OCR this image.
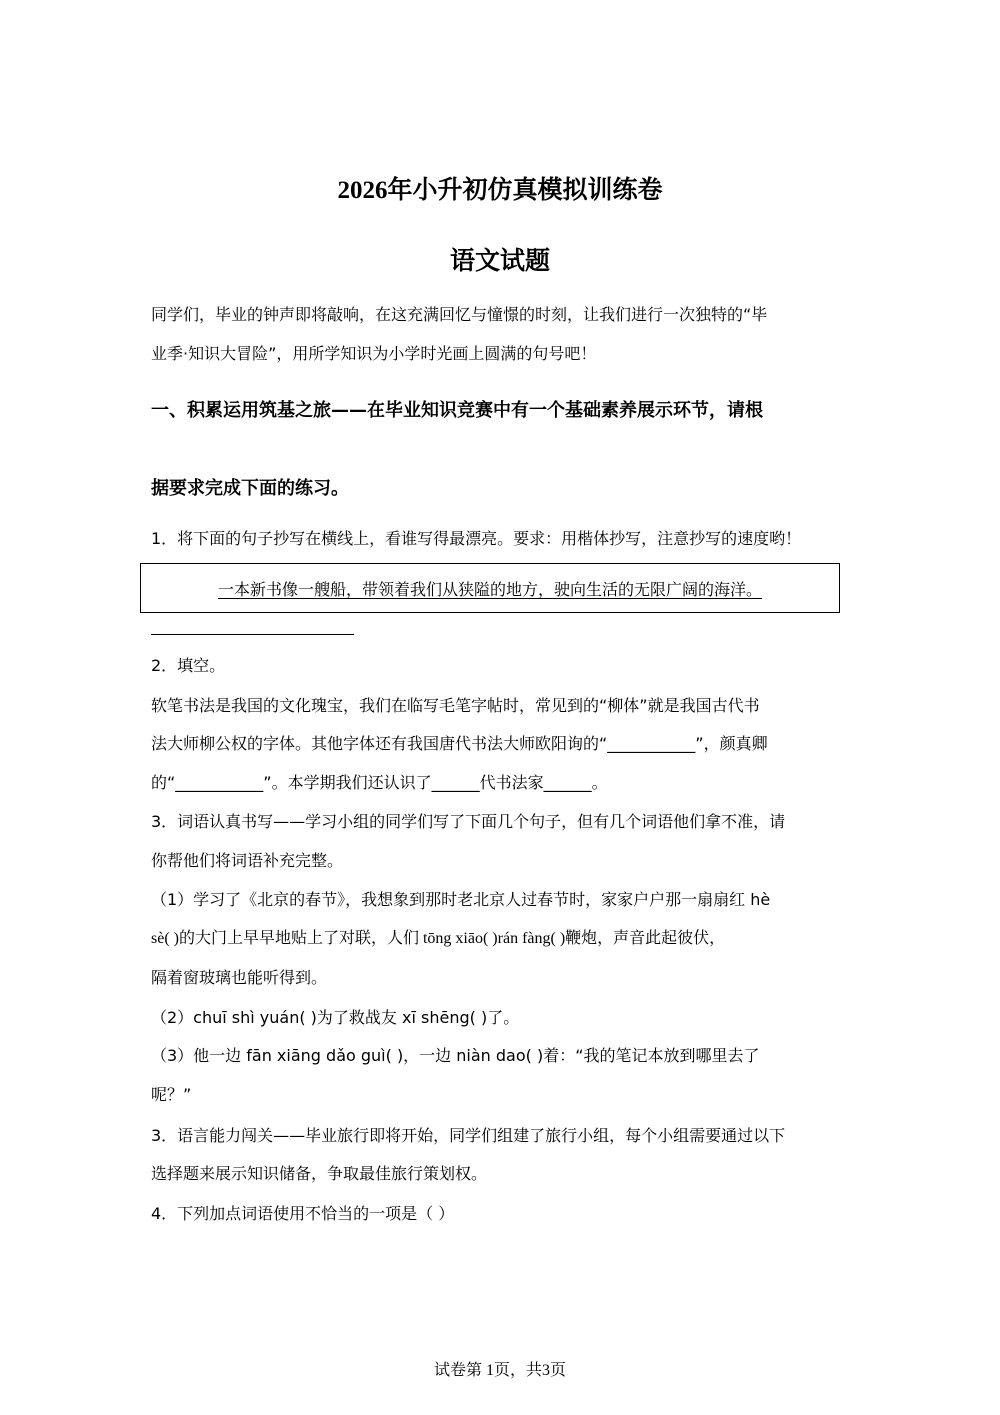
2026年小升初仿真模拟训练卷
语文试题
同学们，毕业的钟声即将敲响，在这充满回忆与憧憬的时刻，让我们进行一次独特的“毕
业季·知识大冒险”，用所学知识为小学时光画上圆满的句号吧！
一、积累运用筑基之旅——在毕业知识竞赛中有一个基础素养展示环节，请根
据要求完成下面的练习。
1．将下面的句子抄写在横线上，看谁写得最漂亮。要求：用楷体抄写，注意抄写的速度哟！
一本新书像一艘船，带领着我们从狭隘的地方，驶向生活的无限广阔的海洋。
2．填空。
软笔书法是我国的文化瑰宝，我们在临写毛笔字帖时，常见到的“柳体”就是我国古代书
法大师柳公权的字体。其他字体还有我国唐代书法大师欧阳询的“___________”，颜真卿
的“___________”。本学期我们还认识了______代书法家______。
3．词语认真书写——学习小组的同学们写了下面几个句子，但有几个词语他们拿不准，请
你帮他们将词语补充完整。
（1）学习了《北京的春节》，我想象到那时老北京人过春节时，家家户户那一扇扇红 hè
sè( )的大门上早早地贴上了对联，人们 tōng xiāo( )rán fàng( )鞭炮，声音此起彼伏，
隔着窗玻璃也能听得到。
（2）chuī shì yuán( )为了救战友 xī shēng( )了。
（3）他一边 fān xiāng dǎo guì( )，一边 niàn dao( )着：“我的笔记本放到哪里去了
呢？”
3．语言能力闯关——毕业旅行即将开始，同学们组建了旅行小组，每个小组需要通过以下
选择题来展示知识储备，争取最佳旅行策划权。
4．下列加点词语使用不恰当的一项是（ ）
试卷第 1页，共3页
